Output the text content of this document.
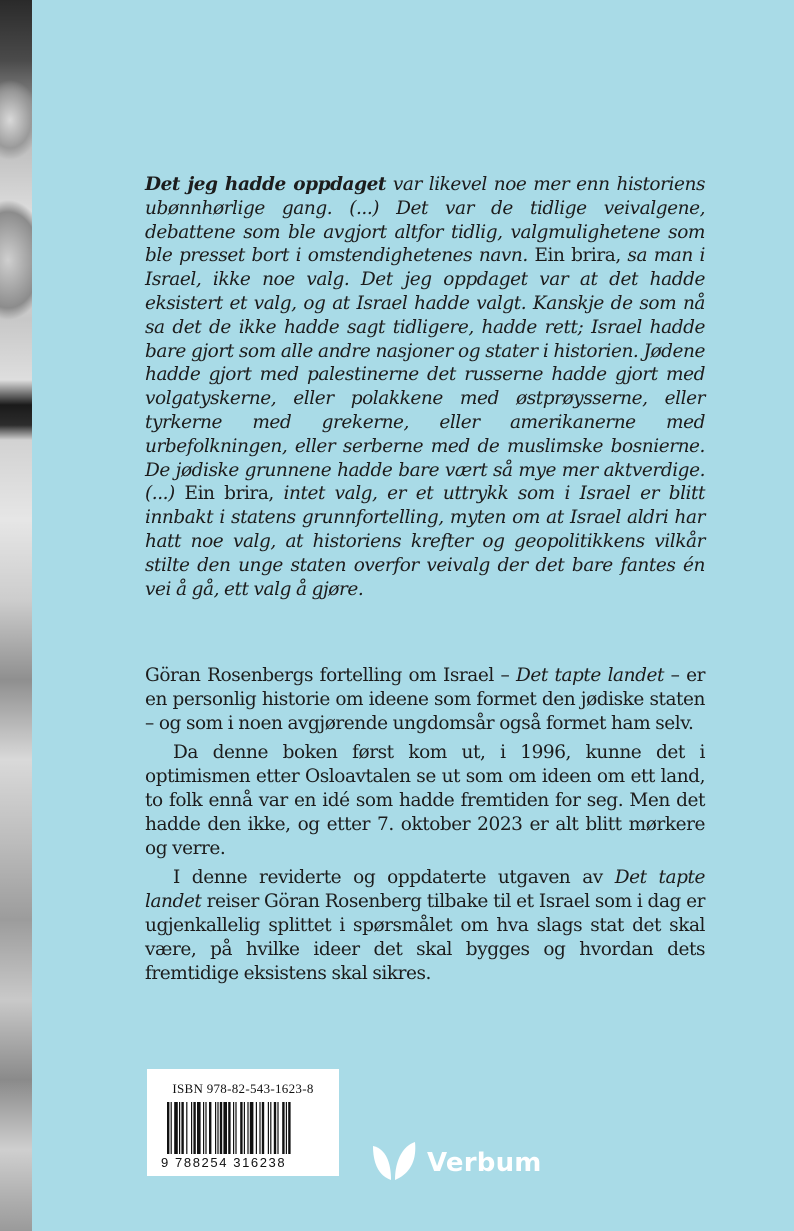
Det jeg hadde oppdaget var likevel noe mer enn historiens ubønnhørlige gang. (...) Det var de tidlige veivalgene, debattene som ble avgjort altfor tidlig, valgmulighetene som ble presset bort i omstendighetenes navn. Ein brira, sa man i Israel, ikke noe valg. Det jeg oppdaget var at det hadde eksistert et valg, og at Israel hadde valgt. Kanskje de som nå sa det de ikke hadde sagt tidligere, hadde rett; Israel hadde bare gjort som alle andre nasjoner og stater i historien. Jødene hadde gjort med palestinerne det russerne hadde gjort med volgatyskerne, eller polakkene med østprøysserne, eller tyrkerne med grekerne, eller amerikanerne med urbefolkningen, eller serberne med de muslimske bosnierne. De jødiske grunnene hadde bare vært så mye mer aktverdige. (...) Ein brira, intet valg, er et uttrykk som i Israel er blitt innbakt i statens grunnfortelling, myten om at Israel aldri har hatt noe valg, at historiens krefter og geopolitikkens vilkår stilte den unge staten overfor veivalg der det bare fantes én vei å gå, ett valg å gjøre.

Göran Rosenbergs fortelling om Israel – Det tapte landet – er en personlig historie om ideene som formet den jødiske staten – og som i noen avgjørende ungdomsår også formet ham selv.

Da denne boken først kom ut, i 1996, kunne det i optimismen etter Osloavtalen se ut som om ideen om ett land, to folk ennå var en idé som hadde fremtiden for seg. Men det hadde den ikke, og etter 7. oktober 2023 er alt blitt mørkere og verre.

I denne reviderte og oppdaterte utgaven av Det tapte landet reiser Göran Rosenberg tilbake til et Israel som i dag er ugjenkallelig splittet i spørsmålet om hva slags stat det skal være, på hvilke ideer det skal bygges og hvordan dets fremtidige eksistens skal sikres.

ISBN 978-82-543-1623-8
9 788254 316238	Verbum
